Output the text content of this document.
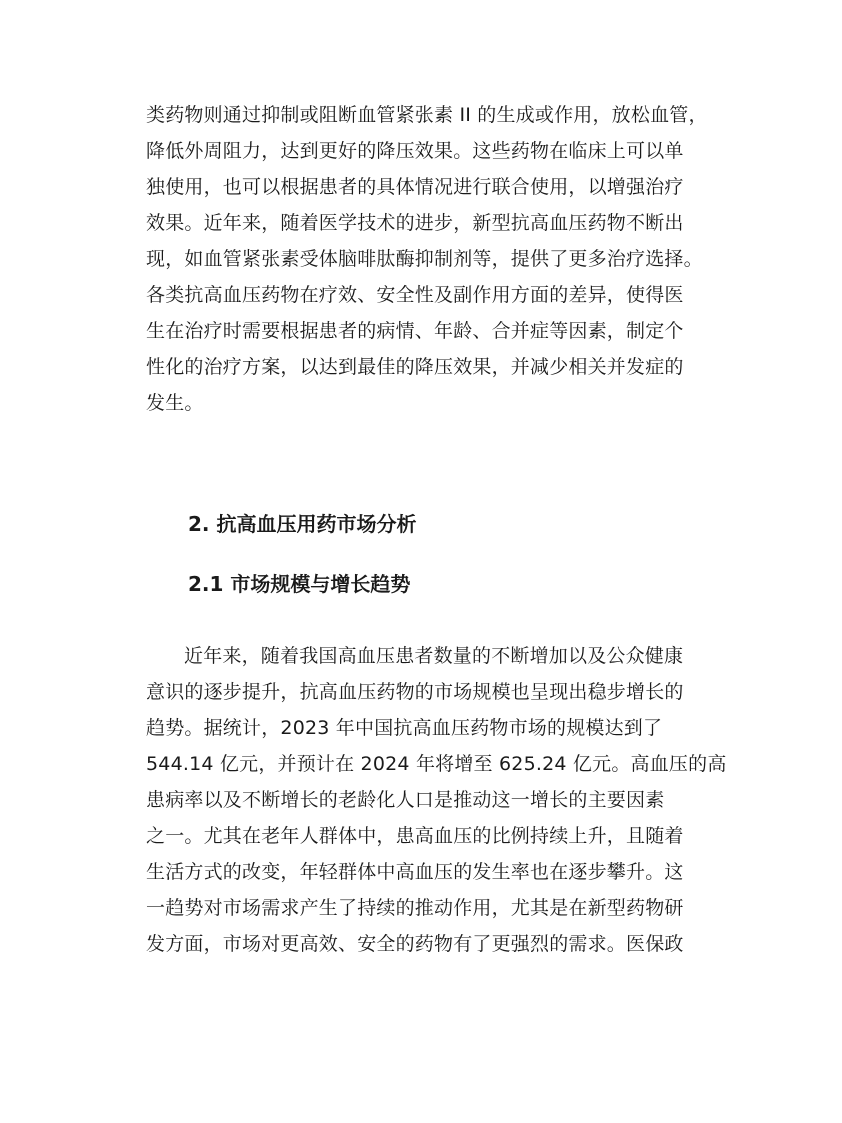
类药物则通过抑制或阻断血管紧张素 II 的生成或作用，放松血管，
降低外周阻力，达到更好的降压效果。这些药物在临床上可以单
独使用，也可以根据患者的具体情况进行联合使用，以增强治疗
效果。近年来，随着医学技术的进步，新型抗高血压药物不断出
现，如血管紧张素受体脑啡肽酶抑制剂等，提供了更多治疗选择。
各类抗高血压药物在疗效、安全性及副作用方面的差异，使得医
生在治疗时需要根据患者的病情、年龄、合并症等因素，制定个
性化的治疗方案，以达到最佳的降压效果，并减少相关并发症的
发生。
2. 抗高血压用药市场分析
2.1 市场规模与增长趋势
近年来，随着我国高血压患者数量的不断增加以及公众健康
意识的逐步提升，抗高血压药物的市场规模也呈现出稳步增长的
趋势。据统计，2023 年中国抗高血压药物市场的规模达到了
544.14 亿元，并预计在 2024 年将增至 625.24 亿元。高血压的高
患病率以及不断增长的老龄化人口是推动这一增长的主要因素
之一。尤其在老年人群体中，患高血压的比例持续上升，且随着
生活方式的改变，年轻群体中高血压的发生率也在逐步攀升。这
一趋势对市场需求产生了持续的推动作用，尤其是在新型药物研
发方面，市场对更高效、安全的药物有了更强烈的需求。医保政
